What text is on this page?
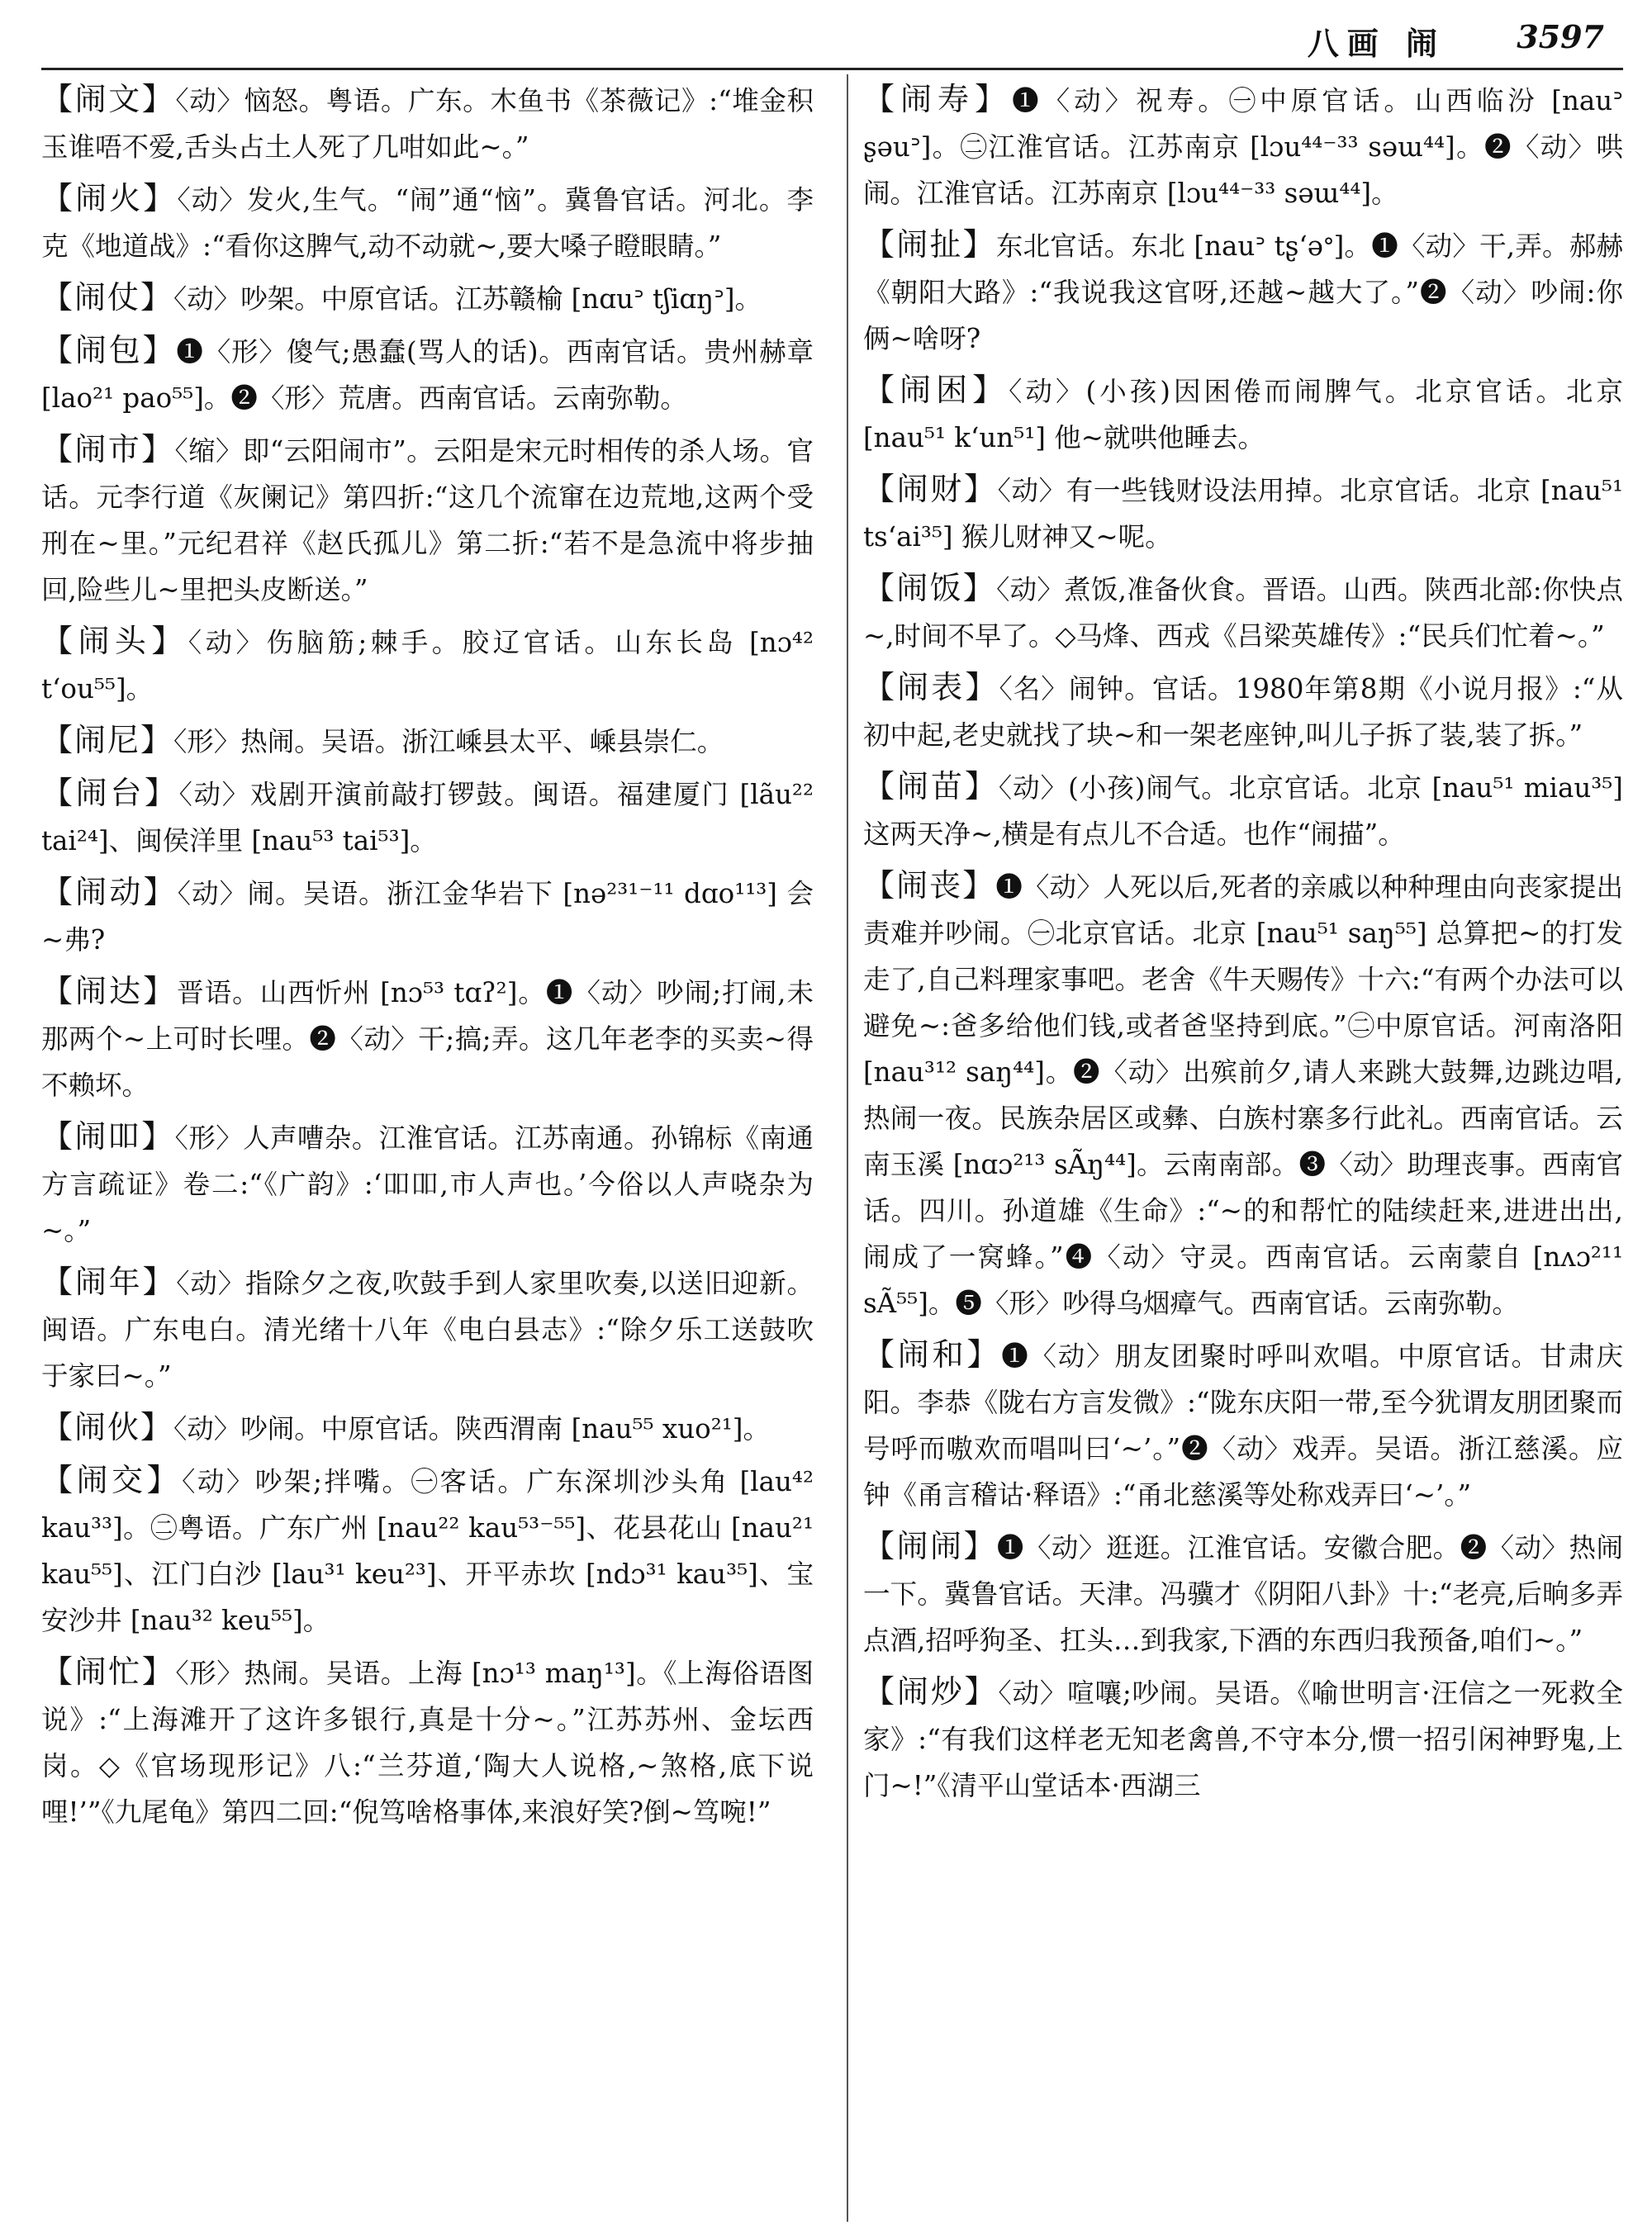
八画 闹 3597

【闹文】〈动〉恼怒。粤语。广东。木鱼书《茶薇记》:“堆金积玉谁唔不爱,舌头占土人死了几咁如此~。”

【闹火】〈动〉发火,生气。“闹”通“恼”。冀鲁官话。河北。李克《地道战》:“看你这脾气,动不动就~,要大嗓子瞪眼睛。”

【闹仗】〈动〉吵架。中原官话。江苏赣榆 [nɑuᐣ tʃiɑŋᐣ]。

【闹包】❶〈形〉傻气;愚蠢(骂人的话)。西南官话。贵州赫章 [lao²¹ pao⁵⁵]。❷〈形〉荒唐。西南官话。云南弥勒。

【闹市】〈缩〉即“云阳闹市”。云阳是宋元时相传的杀人场。官话。元李行道《灰阑记》第四折:“这几个流窜在边荒地,这两个受刑在~里。”元纪君祥《赵氏孤儿》第二折:“若不是急流中将步抽回,险些儿~里把头皮断送。”

【闹头】〈动〉伤脑筋;棘手。胶辽官话。山东长岛 [nɔ⁴² tʻou⁵⁵]。

【闹尼】〈形〉热闹。吴语。浙江嵊县太平、嵊县崇仁。

【闹台】〈动〉戏剧开演前敲打锣鼓。闽语。福建厦门 [lãu²² tai²⁴]、闽侯洋里 [nau⁵³ tai⁵³]。

【闹动】〈动〉闹。吴语。浙江金华岩下 [nə²³¹⁻¹¹ dɑo¹¹³] 会~弗?

【闹达】晋语。山西忻州 [nɔ⁵³ tɑʔ²]。❶〈动〉吵闹;打闹,未那两个~上可时长哩。❷〈动〉干;搞;弄。这几年老李的买卖~得不赖坏。

【闹吅】〈形〉人声嘈杂。江淮官话。江苏南通。孙锦标《南通方言疏证》卷二:“《广韵》:‘吅吅,市人声也。’今俗以人声哓杂为~。”

【闹年】〈动〉指除夕之夜,吹鼓手到人家里吹奏,以送旧迎新。闽语。广东电白。清光绪十八年《电白县志》:“除夕乐工送鼓吹于家曰~。”

【闹伙】〈动〉吵闹。中原官话。陕西渭南 [nau⁵⁵ xuo²¹]。

【闹交】〈动〉吵架;拌嘴。㊀客话。广东深圳沙头角 [lau⁴² kau³³]。㊁粤语。广东广州 [nau²² kau⁵³⁻⁵⁵]、花县花山 [nau²¹ kau⁵⁵]、江门白沙 [lau³¹ keu²³]、开平赤坎 [ndɔ³¹ kau³⁵]、宝安沙井 [nau³² keu⁵⁵]。

【闹忙】〈形〉热闹。吴语。上海 [nɔ¹³ maŋ¹³]。《上海俗语图说》:“上海滩开了这许多银行,真是十分~。”江苏苏州、金坛西岗。◇《官场现形记》八:“兰芬道,‘陶大人说格,~煞格,底下说哩!’”《九尾龟》第四二回:“倪笃啥格事体,来浪好笑?倒~笃啘!”

【闹寿】❶〈动〉祝寿。㊀中原官话。山西临汾 [nauᐣ ʂəuᐣ]。㊁江淮官话。江苏南京 [lɔu⁴⁴⁻³³ səɯ⁴⁴]。❷〈动〉哄闹。江淮官话。江苏南京 [lɔu⁴⁴⁻³³ səɯ⁴⁴]。

【闹扯】东北官话。东北 [nauᐣ tʂʻəᐤ]。❶〈动〉干,弄。郝赫《朝阳大路》:“我说我这官呀,还越~越大了。”❷〈动〉吵闹:你俩~啥呀?

【闹困】〈动〉(小孩)因困倦而闹脾气。北京官话。北京 [nau⁵¹ kʻun⁵¹] 他~就哄他睡去。

【闹财】〈动〉有一些钱财设法用掉。北京官话。北京 [nau⁵¹ tsʻai³⁵] 猴儿财神又~呢。

【闹饭】〈动〉煮饭,准备伙食。晋语。山西。陕西北部:你快点~,时间不早了。◇马烽、西戎《吕梁英雄传》:“民兵们忙着~。”

【闹表】〈名〉闹钟。官话。1980年第8期《小说月报》:“从初中起,老史就找了块~和一架老座钟,叫儿子拆了装,装了拆。”

【闹苗】〈动〉(小孩)闹气。北京官话。北京 [nau⁵¹ miau³⁵] 这两天净~,横是有点儿不合适。也作“闹描”。

【闹丧】❶〈动〉人死以后,死者的亲戚以种种理由向丧家提出责难并吵闹。㊀北京官话。北京 [nau⁵¹ saŋ⁵⁵] 总算把~的打发走了,自己料理家事吧。老舍《牛天赐传》十六:“有两个办法可以避免~:爸多给他们钱,或者爸坚持到底。”㊁中原官话。河南洛阳 [nau³¹² saŋ⁴⁴]。❷〈动〉出殡前夕,请人来跳大鼓舞,边跳边唱,热闹一夜。民族杂居区或彝、白族村寨多行此礼。西南官话。云南玉溪 [nɑɔ²¹³ sÃŋ⁴⁴]。云南南部。❸〈动〉助理丧事。西南官话。四川。孙道雄《生命》:“~的和帮忙的陆续赶来,进进出出,闹成了一窝蜂。”❹〈动〉守灵。西南官话。云南蒙自 [nʌɔ²¹¹ sÃ⁵⁵]。❺〈形〉吵得乌烟瘴气。西南官话。云南弥勒。

【闹和】❶〈动〉朋友团聚时呼叫欢唱。中原官话。甘肃庆阳。李恭《陇右方言发微》:“陇东庆阳一带,至今犹谓友朋团聚而号呼而嗷欢而唱叫曰‘~’。”❷〈动〉戏弄。吴语。浙江慈溪。应钟《甬言稽诂·释语》:“甬北慈溪等处称戏弄曰‘~’。”

【闹闹】❶〈动〉逛逛。江淮官话。安徽合肥。❷〈动〉热闹一下。冀鲁官话。天津。冯骥才《阴阳八卦》十:“老亮,后晌多弄点酒,招呼狗圣、扛头…到我家,下酒的东西归我预备,咱们~。”

【闹炒】〈动〉喧嚷;吵闹。吴语。《喻世明言·汪信之一死救全家》:“有我们这样老无知老禽兽,不守本分,惯一招引闲神野鬼,上门~!”《清平山堂话本·西湖三
